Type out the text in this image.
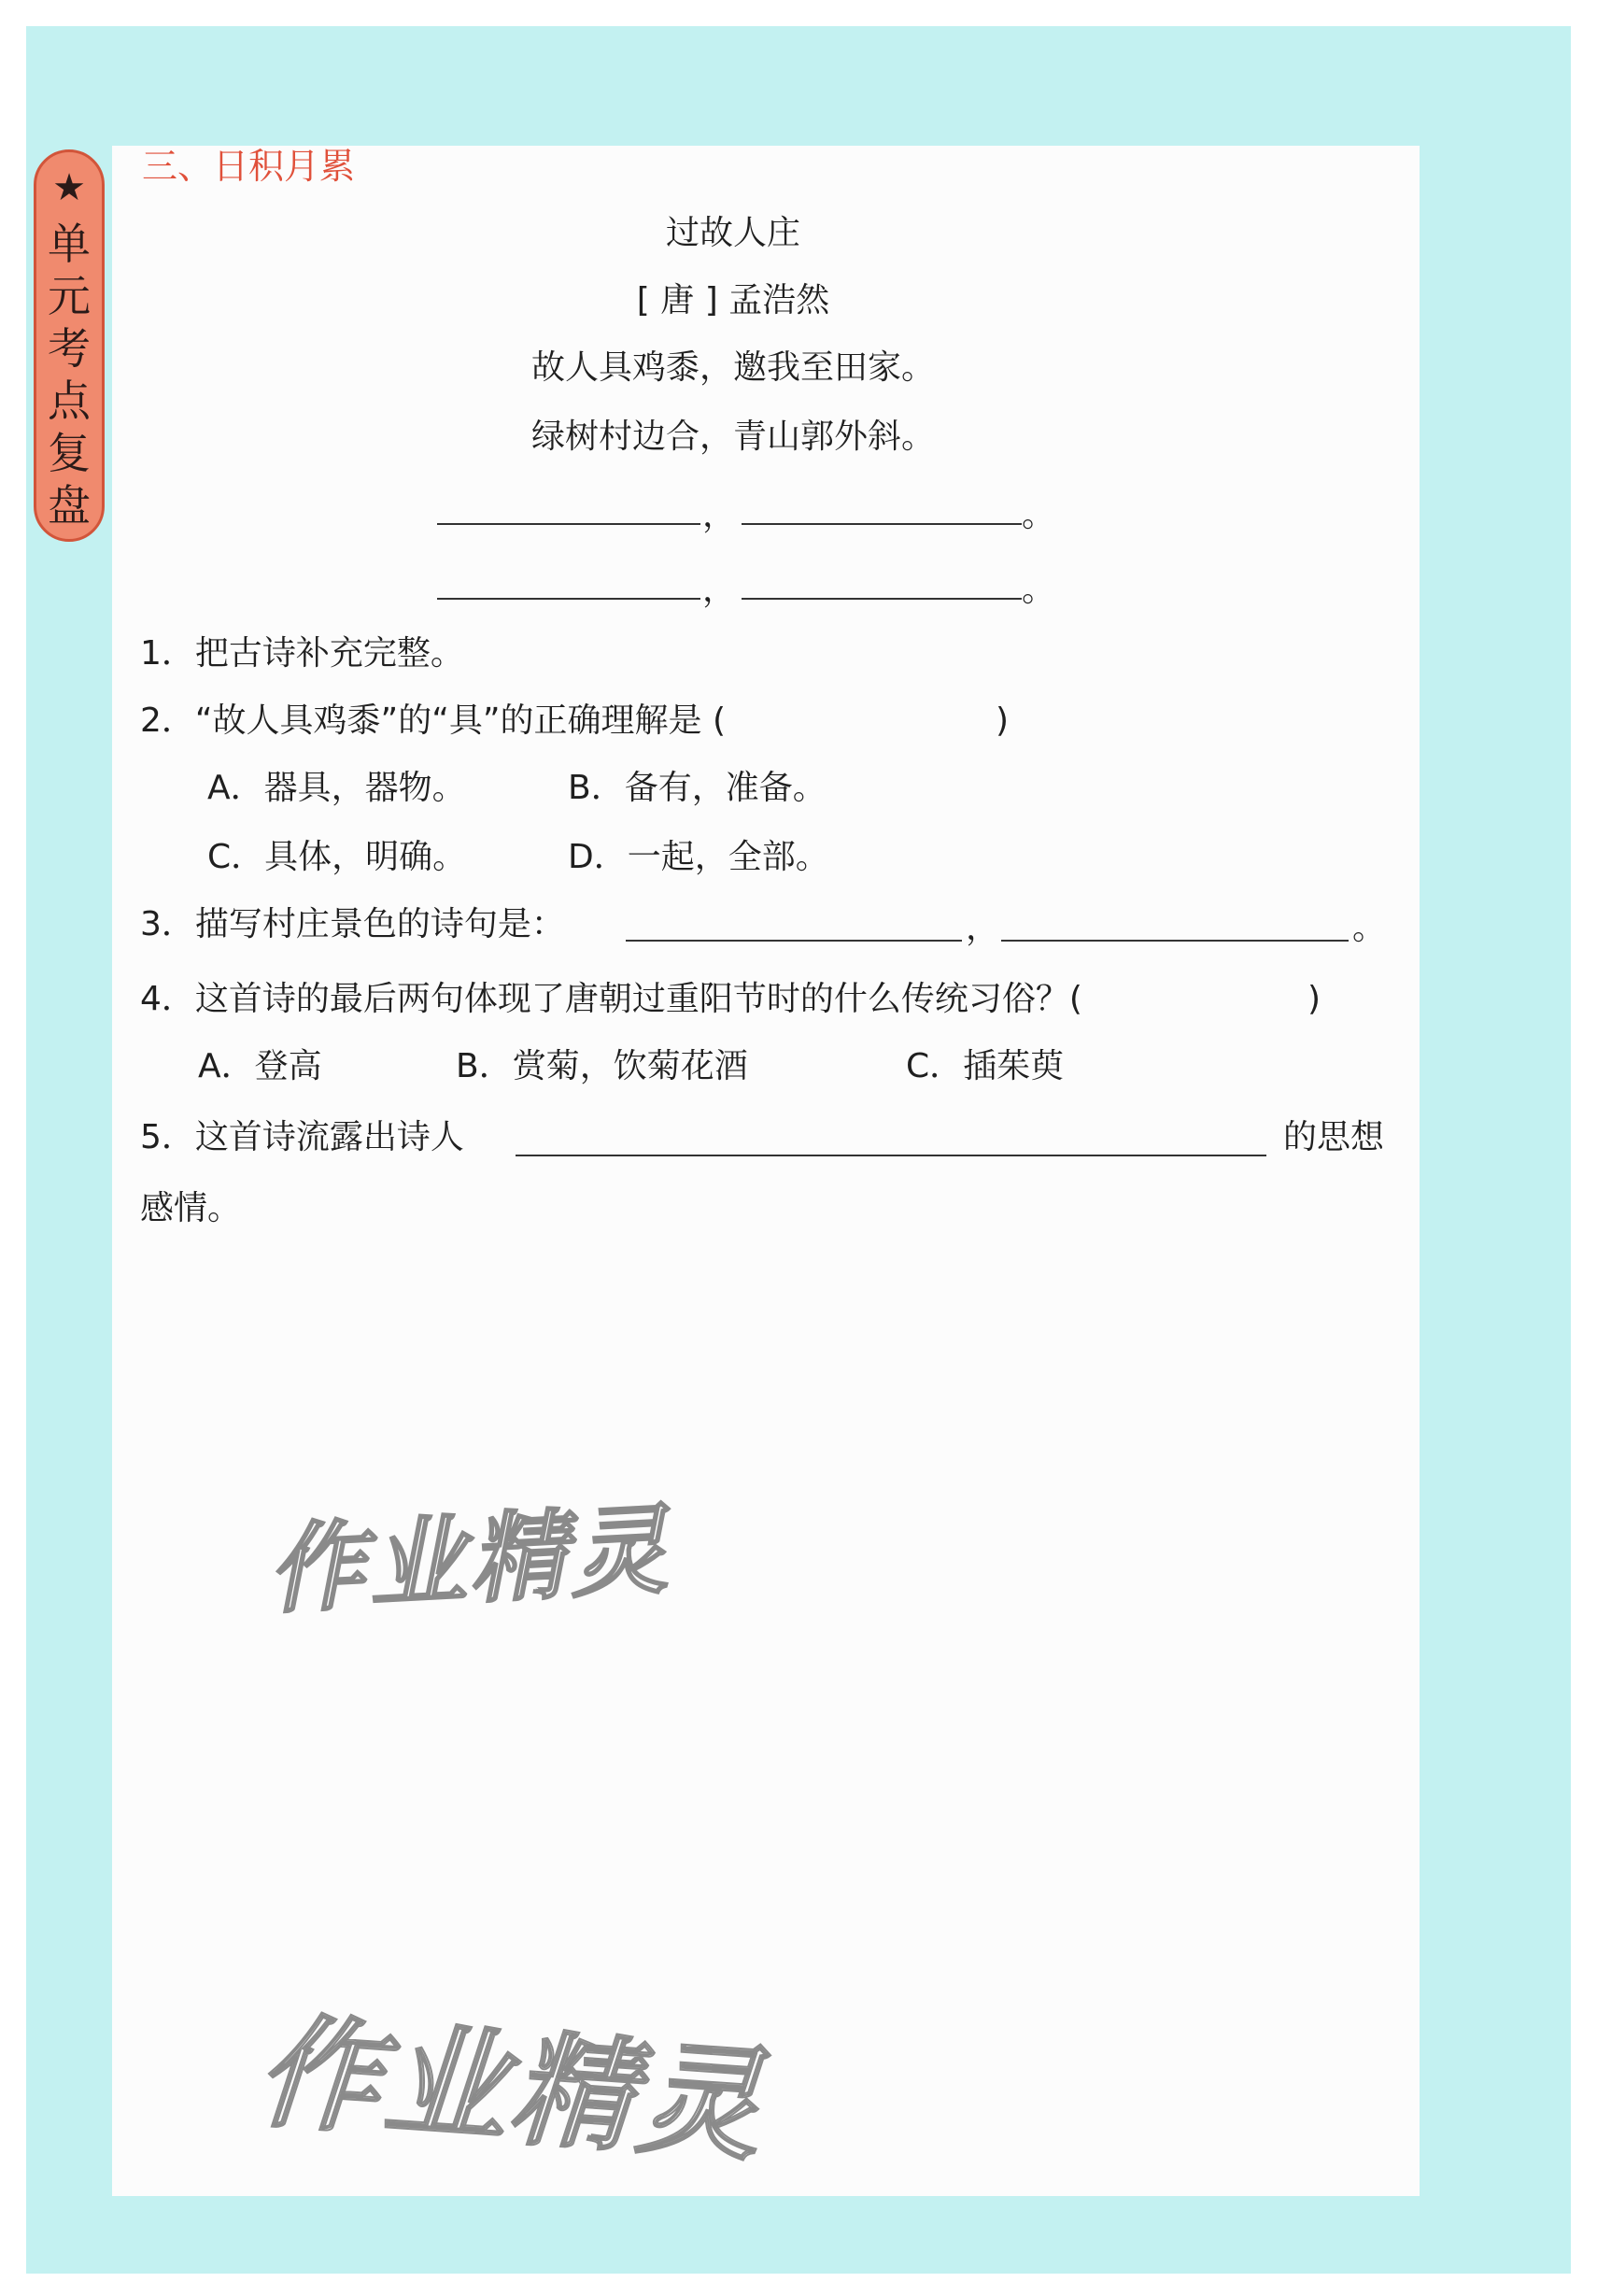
★
单
元
考
点
复
盘
三、日积月累
过故人庄
[ 唐 ] 孟浩然
故人具鸡黍，邀我至田家。
绿树村边合，青山郭外斜。
，	。
，	。
1．把古诗补充完整。
2．“故人具鸡黍”的“具”的正确理解是 (	)
A．器具，器物。	B．备有，准备。
C．具体，明确。	D．一起，全部。
3．描写村庄景色的诗句是：	，	。
4．这首诗的最后两句体现了唐朝过重阳节时的什么传统习俗？(	)
A．登高	B．赏菊，饮菊花酒	C．插茱萸
5．这首诗流露出诗人	的思想
感情。
作业精灵
作业精灵
